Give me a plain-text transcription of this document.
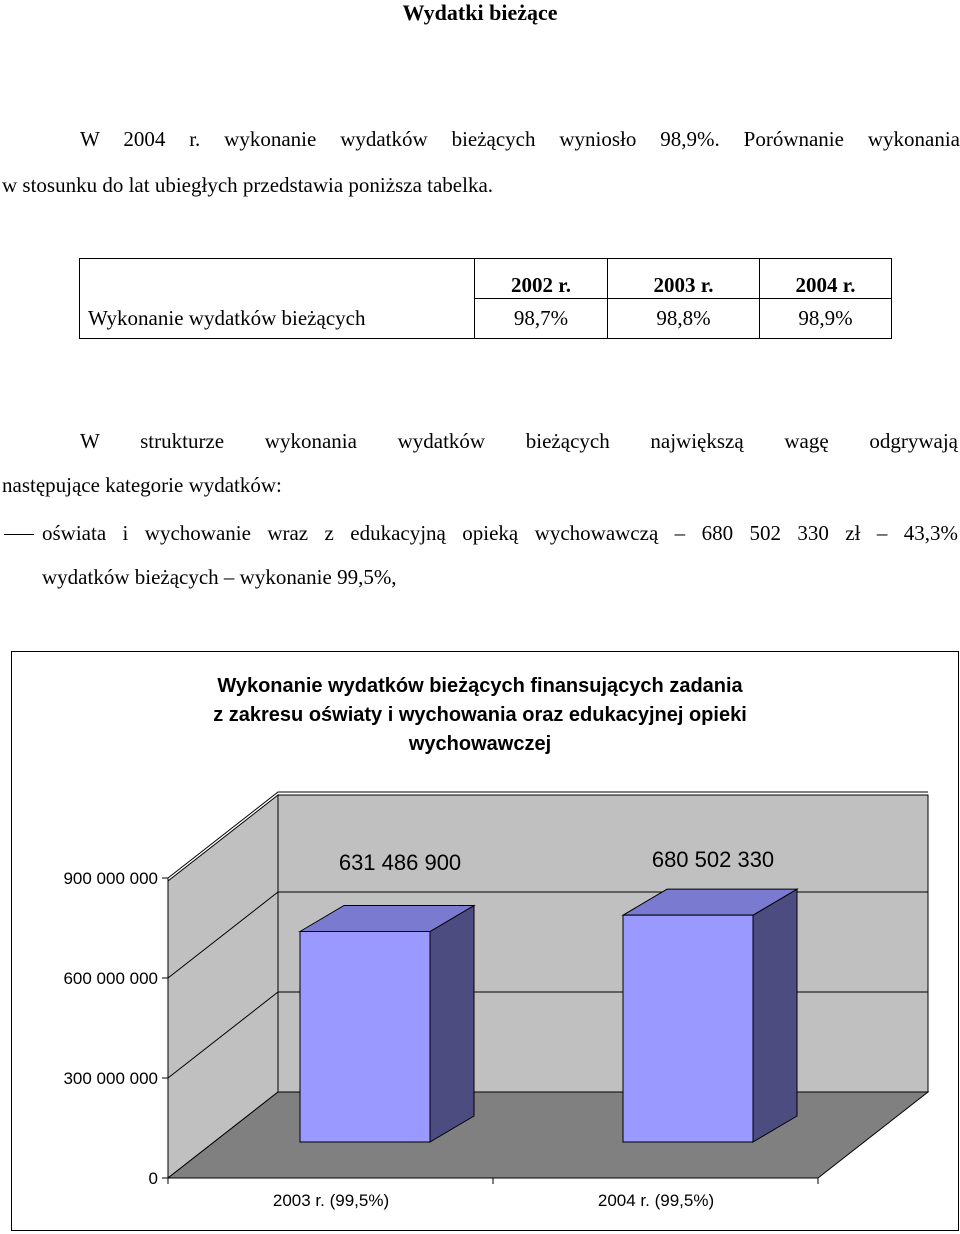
Wydatki bieżące
W 2004 r. wykonanie wydatków bieżących wyniosło 98,9%. Porównanie wykonania
w stosunku do lat ubiegłych przedstawia poniższa tabelka.
	2002 r.	2003 r.	2004 r.
Wykonanie wydatków bieżących	98,7%	98,8%	98,9%
W strukturze wykonania wydatków bieżących największą wagę odgrywają
następujące kategorie wydatków:
oświata i wychowanie wraz z edukacyjną opieką wychowawczą – 680 502 330 zł – 43,3%
wydatków bieżących – wykonanie 99,5%,
Wykonanie wydatków bieżących finansujących zadania
z zakresu oświaty i wychowania oraz edukacyjnej opieki
wychowawczej
0
300 000 000
600 000 000
900 000 000
631 486 900
2003 r. (99,5%)
680 502 330
2004 r. (99,5%)
